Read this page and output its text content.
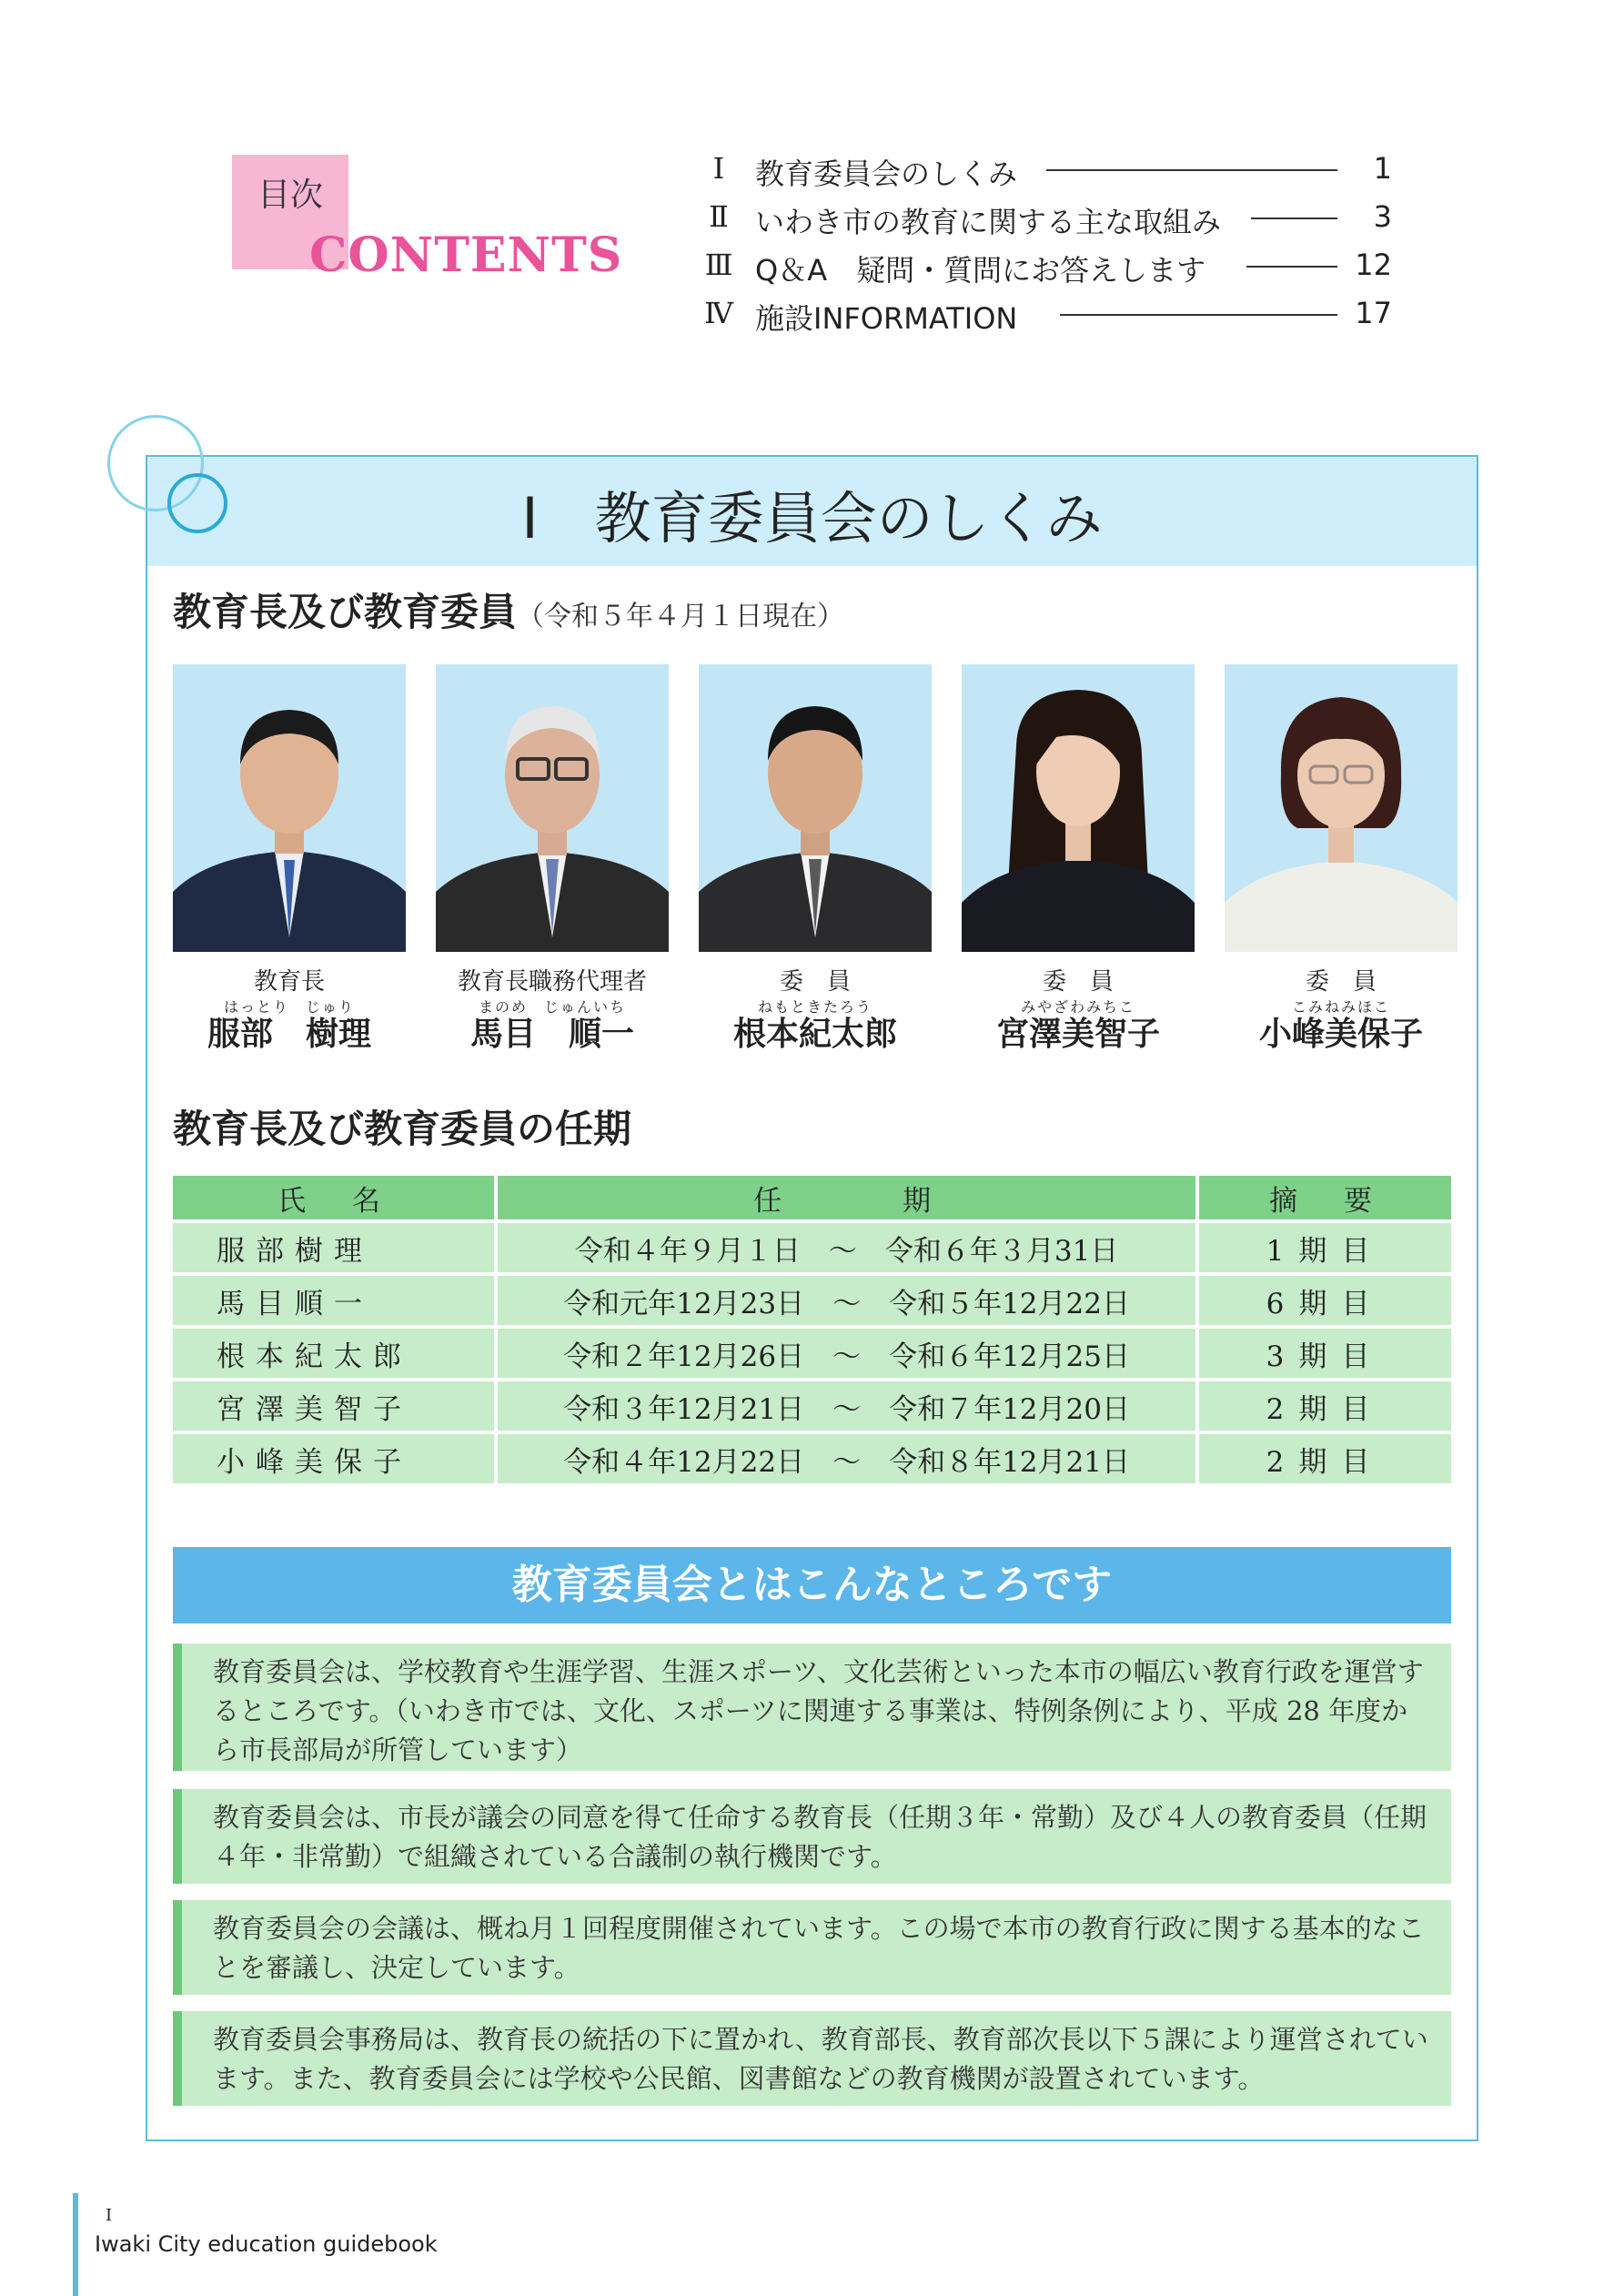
目次
CONTENTS
Ⅰ	教育委員会のしくみ	1
Ⅱ いわき市の教育に関する主な取組み	3
Ⅲ Q＆A　疑問・質問にお答えします	12
Ⅳ 施設INFORMATION	17
Ⅰ　教育委員会のしくみ
教育長及び教育委員（令和５年４月１日現在）
教育長
はっとり　じゅり
服部　樹理
教育長職務代理者
まのめ　じゅんいち
馬目　順一
委　員
ねもときたろう
根本紀太郎
委　員
みやざわみちこ
宮澤美智子
委　員
こみねみほこ
小峰美保子
教育長及び教育委員の任期
氏　名	任　　　期	摘　要
服部樹理	令和４年９月１日　～　令和６年３月31日	1期目
馬目順一	令和元年12月23日　～　令和５年12月22日	6期目
根本紀太郎	令和２年12月26日　～　令和６年12月25日	3期目
宮澤美智子	令和３年12月21日　～　令和７年12月20日	2期目
小峰美保子	令和４年12月22日　～　令和８年12月21日	2期目
教育委員会とはこんなところです
教育委員会は、学校教育や生涯学習、生涯スポーツ、文化芸術といった本市の幅広い教育行政を運営するところです。（いわき市では、文化、スポーツに関連する事業は、特例条例により、平成 28 年度から市長部局が所管しています）
教育委員会は、市長が議会の同意を得て任命する教育長（任期３年・常勤）及び４人の教育委員（任期４年・非常勤）で組織されている合議制の執行機関です。
教育委員会の会議は、概ね月１回程度開催されています。この場で本市の教育行政に関する基本的なことを審議し、決定しています。
教育委員会事務局は、教育長の統括の下に置かれ、教育部長、教育部次長以下５課により運営されています。また、教育委員会には学校や公民館、図書館などの教育機関が設置されています。
Ⅰ
Iwaki City education guidebook
